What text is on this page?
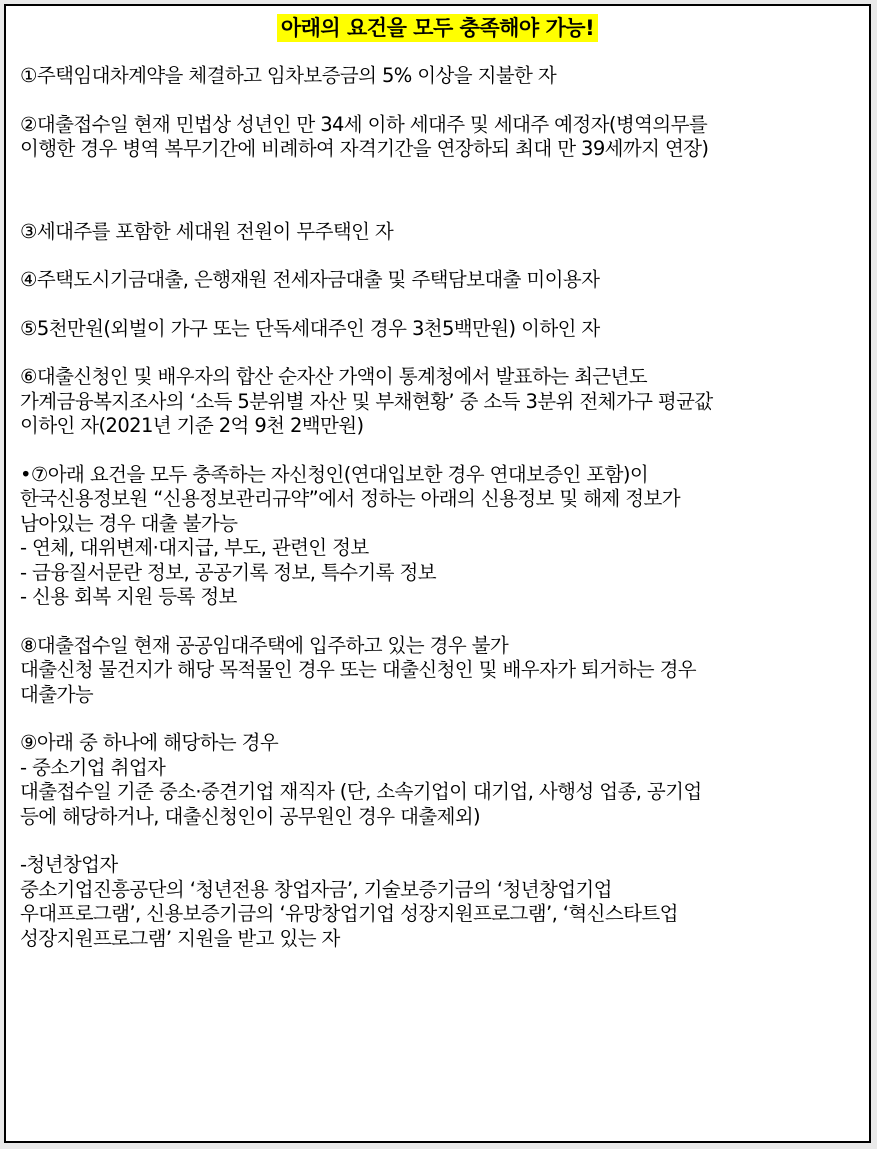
아래의 요건을 모두 충족해야 가능!
①주택임대차계약을 체결하고 임차보증금의 5% 이상을 지불한 자
②대출접수일 현재 민법상 성년인 만 34세 이하 세대주 및 세대주 예정자(병역의무를
이행한 경우 병역 복무기간에 비례하여 자격기간을 연장하되 최대 만 39세까지 연장)
③세대주를 포함한 세대원 전원이 무주택인 자
④주택도시기금대출, 은행재원 전세자금대출 및 주택담보대출 미이용자
⑤5천만원(외벌이 가구 또는 단독세대주인 경우 3천5백만원) 이하인 자
⑥대출신청인 및 배우자의 합산 순자산 가액이 통계청에서 발표하는 최근년도
가계금융복지조사의 ‘소득 5분위별 자산 및 부채현황’ 중 소득 3분위 전체가구 평균값
이하인 자(2021년 기준 2억 9천 2백만원)
•⑦아래 요건을 모두 충족하는 자신청인(연대입보한 경우 연대보증인 포함)이
한국신용정보원 “신용정보관리규약”에서 정하는 아래의 신용정보 및 해제 정보가
남아있는 경우 대출 불가능
- 연체, 대위변제·대지급, 부도, 관련인 정보
- 금융질서문란 정보, 공공기록 정보, 특수기록 정보
- 신용 회복 지원 등록 정보
⑧대출접수일 현재 공공임대주택에 입주하고 있는 경우 불가
대출신청 물건지가 해당 목적물인 경우 또는 대출신청인 및 배우자가 퇴거하는 경우
대출가능
⑨아래 중 하나에 해당하는 경우
- 중소기업 취업자
대출접수일 기준 중소·중견기업 재직자 (단, 소속기업이 대기업, 사행성 업종, 공기업
등에 해당하거나, 대출신청인이 공무원인 경우 대출제외)
-청년창업자
중소기업진흥공단의 ‘청년전용 창업자금’, 기술보증기금의 ‘청년창업기업
우대프로그램’, 신용보증기금의 ‘유망창업기업 성장지원프로그램’, ‘혁신스타트업
성장지원프로그램’ 지원을 받고 있는 자
